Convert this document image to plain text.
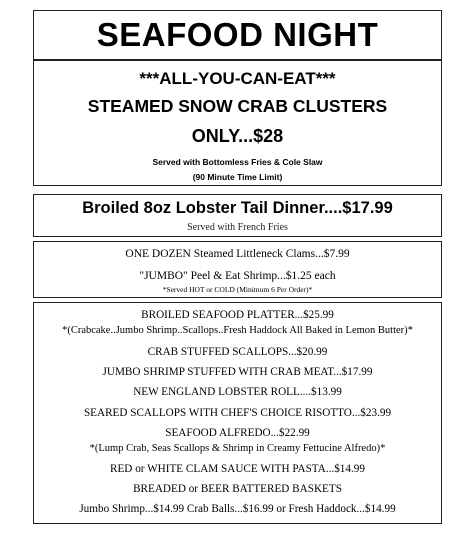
SEAFOOD NIGHT
***ALL-YOU-CAN-EAT***
STEAMED SNOW CRAB CLUSTERS
ONLY...$28
Served with Bottomless Fries & Cole Slaw
(90 Minute Time Limit)
Broiled 8oz Lobster Tail Dinner....$17.99
Served with French Fries
ONE DOZEN Steamed Littleneck Clams...$7.99
"JUMBO" Peel & Eat Shrimp...$1.25 each
*Served HOT or COLD (Minimum 6 Per Order)*
BROILED SEAFOOD PLATTER...$25.99
*(Crabcake..Jumbo Shrimp..Scallops..Fresh Haddock All Baked in Lemon Butter)*
CRAB STUFFED SCALLOPS...$20.99
JUMBO SHRIMP STUFFED WITH CRAB MEAT...$17.99
NEW ENGLAND LOBSTER ROLL....$13.99
SEARED SCALLOPS WITH CHEF'S CHOICE RISOTTO...$23.99
SEAFOOD ALFREDO...$22.99
*(Lump Crab, Seas Scallops & Shrimp in Creamy Fettucine Alfredo)*
RED or WHITE CLAM SAUCE WITH PASTA...$14.99
BREADED or BEER BATTERED BASKETS
Jumbo Shrimp...$14.99 Crab Balls...$16.99 or Fresh Haddock...$14.99
